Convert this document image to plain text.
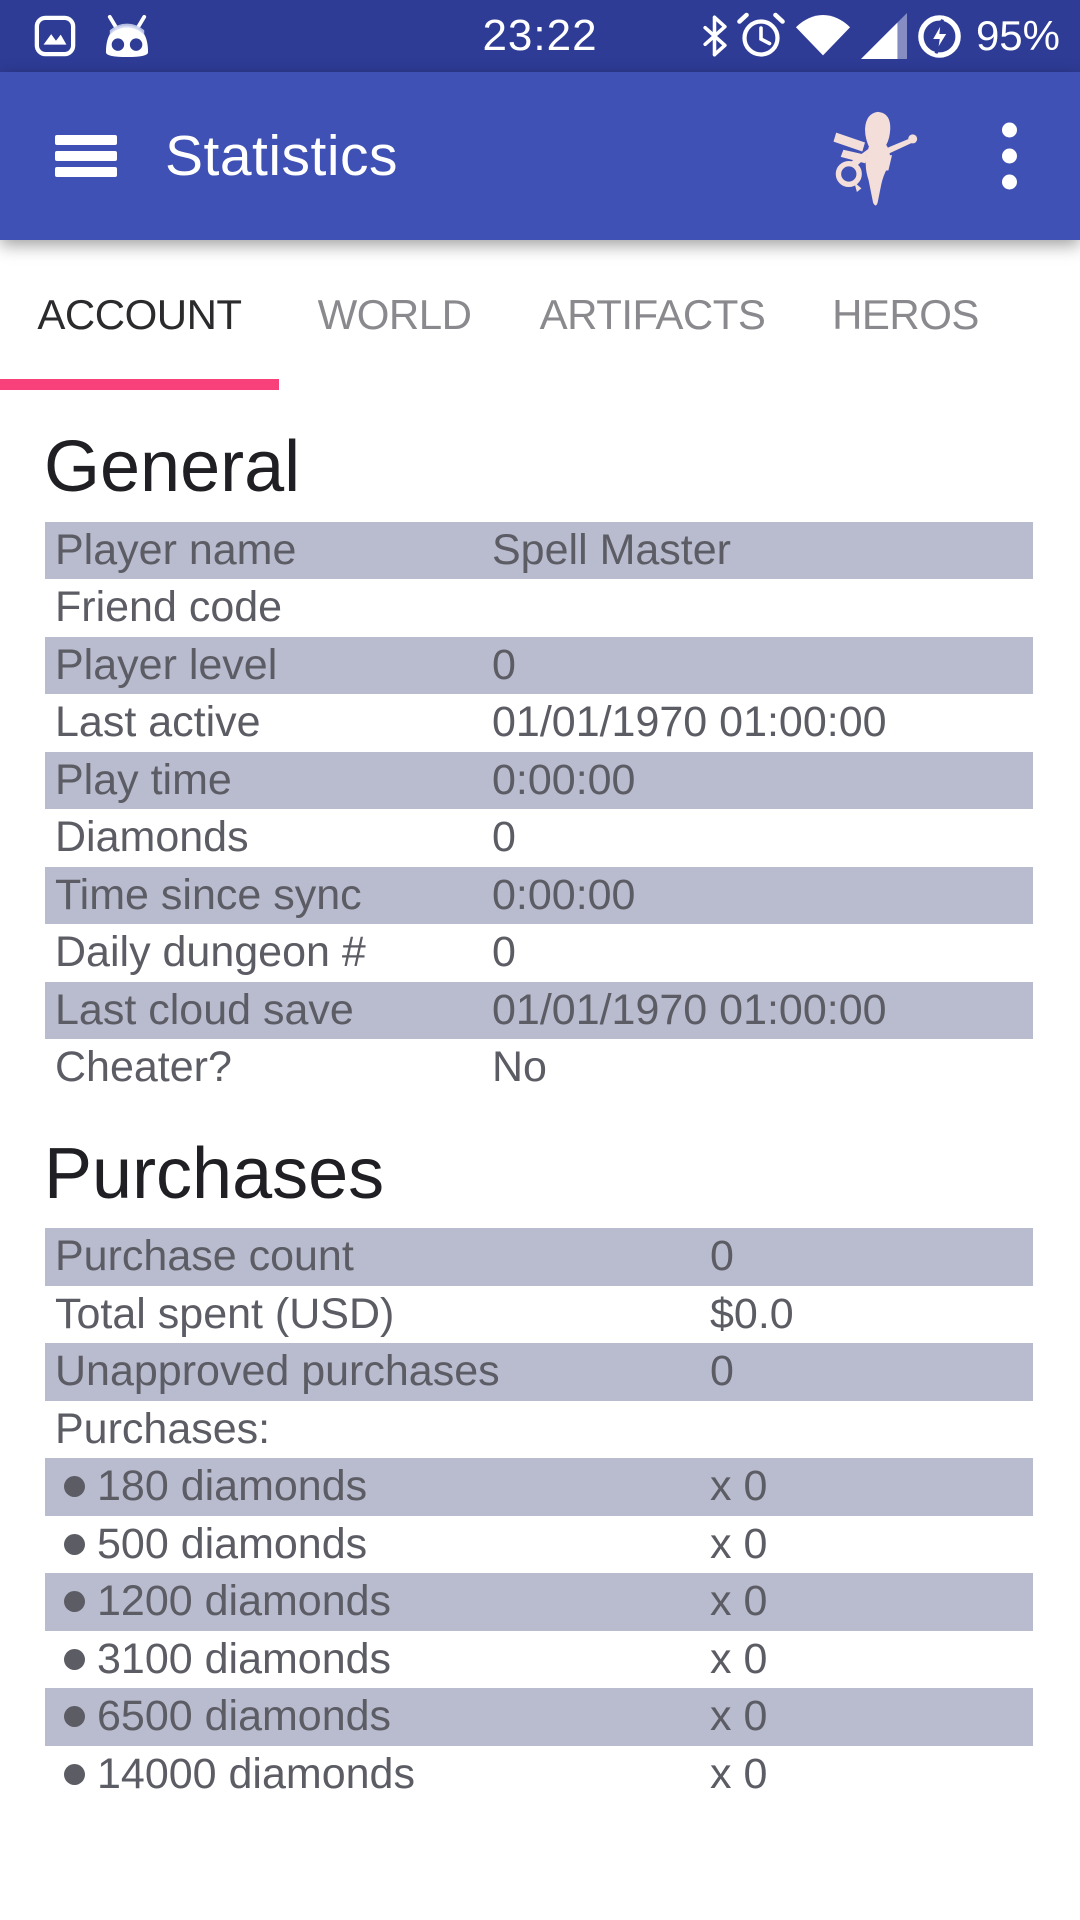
23:22	95%
Statistics
ACCOUNT	WORLD	ARTIFACTS	HEROS
General
Player name	Spell Master
Friend code
Player level	0
Last active	01/01/1970 01:00:00
Play time	0:00:00
Diamonds	0
Time since sync	0:00:00
Daily dungeon #	0
Last cloud save	01/01/1970 01:00:00
Cheater?	No
Purchases
Purchase count	0
Total spent (USD)	$0.0
Unapproved purchases	0
Purchases:
180 diamonds	x 0
500 diamonds	x 0
1200 diamonds	x 0
3100 diamonds	x 0
6500 diamonds	x 0
14000 diamonds	x 0
